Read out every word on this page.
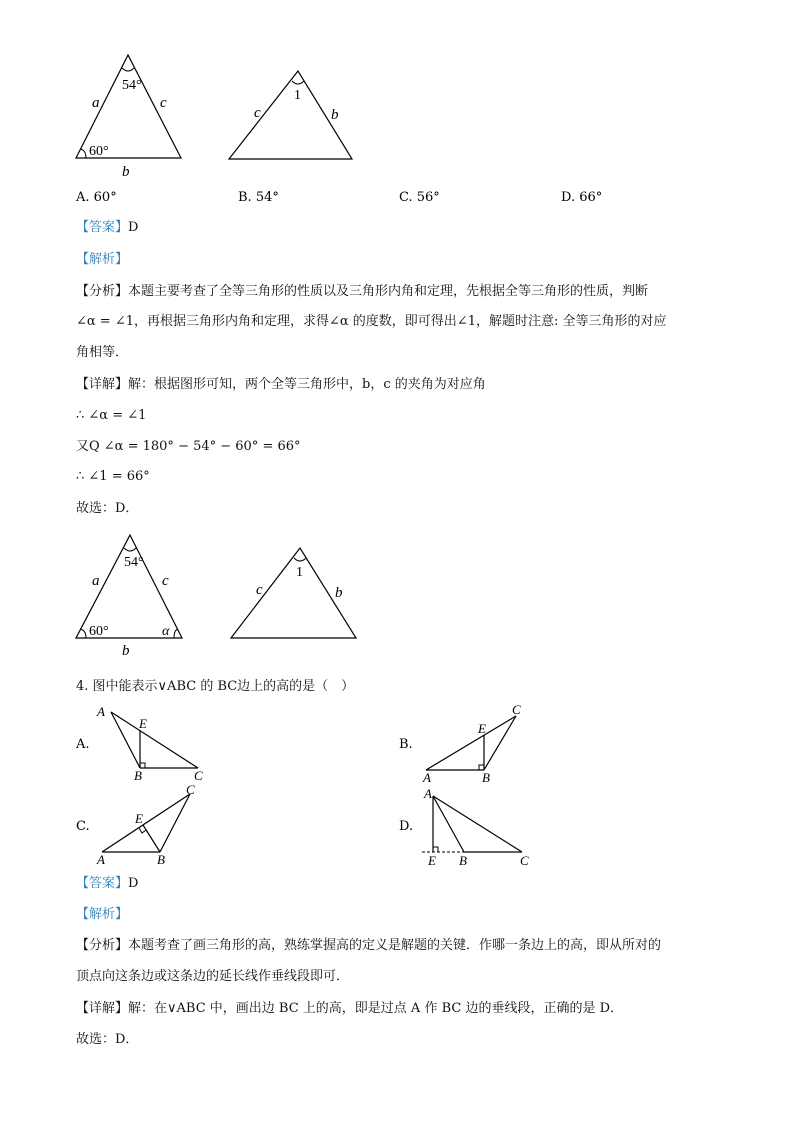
54°
60°
a	c
b
1
c	b
A. 60°	B. 54°	C. 56°	D. 66°
【答案】D
【解析】
【分析】本题主要考查了全等三角形的性质以及三角形内角和定理，先根据全等三角形的性质，判断
∠α = ∠1，再根据三角形内角和定理，求得∠α 的度数，即可得出∠1，解题时注意: 全等三角形的对应
角相等．
【详解】解：根据图形可知，两个全等三角形中，b，c 的夹角为对应角
∴ ∠α = ∠1
又Q ∠α = 180° − 54° − 60° = 66°
∴ ∠1 = 66°
故选：D．
54°
60°	α
a	c
b
1
c	b
4. 图中能表示∨ABC 的 BC边上的高的是（　）
A.
A
E
B	C
B.
A
E
B
C
C.
A
E
B
C
D.
A
E B	C
【答案】D
【解析】
【分析】本题考查了画三角形的高，熟练掌握高的定义是解题的关键．作哪一条边上的高，即从所对的
顶点向这条边或这条边的延长线作垂线段即可．
【详解】解：在∨ABC 中，画出边 BC 上的高，即是过点 A 作 BC 边的垂线段，正确的是 D．
故选：D．
